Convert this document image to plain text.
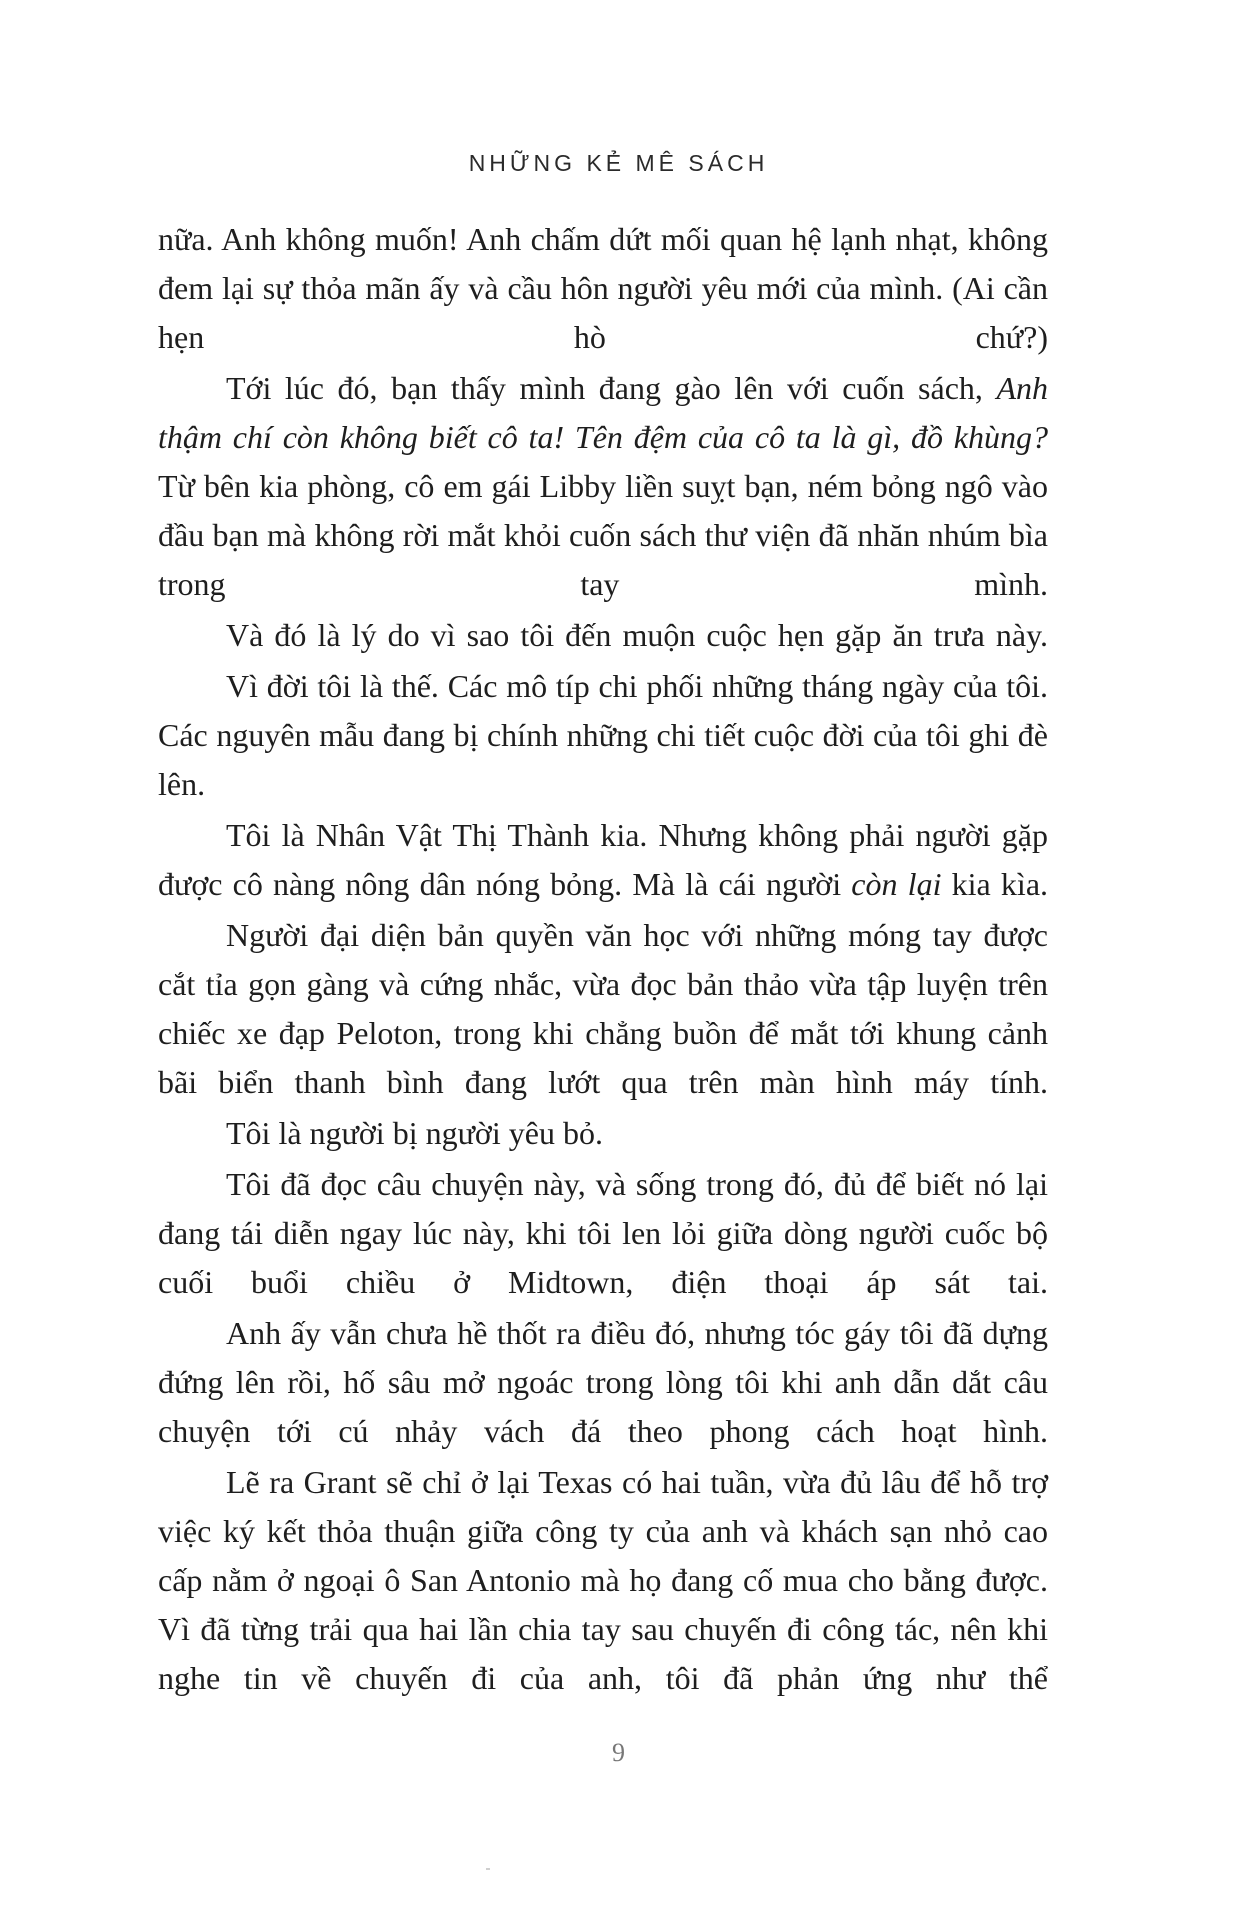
NHỮNG KẺ MÊ SÁCH

nữa. Anh không muốn! Anh chấm dứt mối quan hệ lạnh nhạt, không đem lại sự thỏa mãn ấy và cầu hôn người yêu mới của mình. (Ai cần hẹn hò chứ?)

Tới lúc đó, bạn thấy mình đang gào lên với cuốn sách, Anh thậm chí còn không biết cô ta! Tên đệm của cô ta là gì, đồ khùng? Từ bên kia phòng, cô em gái Libby liền suỵt bạn, ném bỏng ngô vào đầu bạn mà không rời mắt khỏi cuốn sách thư viện đã nhăn nhúm bìa trong tay mình.

Và đó là lý do vì sao tôi đến muộn cuộc hẹn gặp ăn trưa này.

Vì đời tôi là thế. Các mô típ chi phối những tháng ngày của tôi. Các nguyên mẫu đang bị chính những chi tiết cuộc đời của tôi ghi đè lên.

Tôi là Nhân Vật Thị Thành kia. Nhưng không phải người gặp được cô nàng nông dân nóng bỏng. Mà là cái người còn lại kia kìa.

Người đại diện bản quyền văn học với những móng tay được cắt tỉa gọn gàng và cứng nhắc, vừa đọc bản thảo vừa tập luyện trên chiếc xe đạp Peloton, trong khi chẳng buồn để mắt tới khung cảnh bãi biển thanh bình đang lướt qua trên màn hình máy tính.

Tôi là người bị người yêu bỏ.

Tôi đã đọc câu chuyện này, và sống trong đó, đủ để biết nó lại đang tái diễn ngay lúc này, khi tôi len lỏi giữa dòng người cuốc bộ cuối buổi chiều ở Midtown, điện thoại áp sát tai.

Anh ấy vẫn chưa hề thốt ra điều đó, nhưng tóc gáy tôi đã dựng đứng lên rồi, hố sâu mở ngoác trong lòng tôi khi anh dẫn dắt câu chuyện tới cú nhảy vách đá theo phong cách hoạt hình.

Lẽ ra Grant sẽ chỉ ở lại Texas có hai tuần, vừa đủ lâu để hỗ trợ việc ký kết thỏa thuận giữa công ty của anh và khách sạn nhỏ cao cấp nằm ở ngoại ô San Antonio mà họ đang cố mua cho bằng được. Vì đã từng trải qua hai lần chia tay sau chuyến đi công tác, nên khi nghe tin về chuyến đi của anh, tôi đã phản ứng như thể

9
